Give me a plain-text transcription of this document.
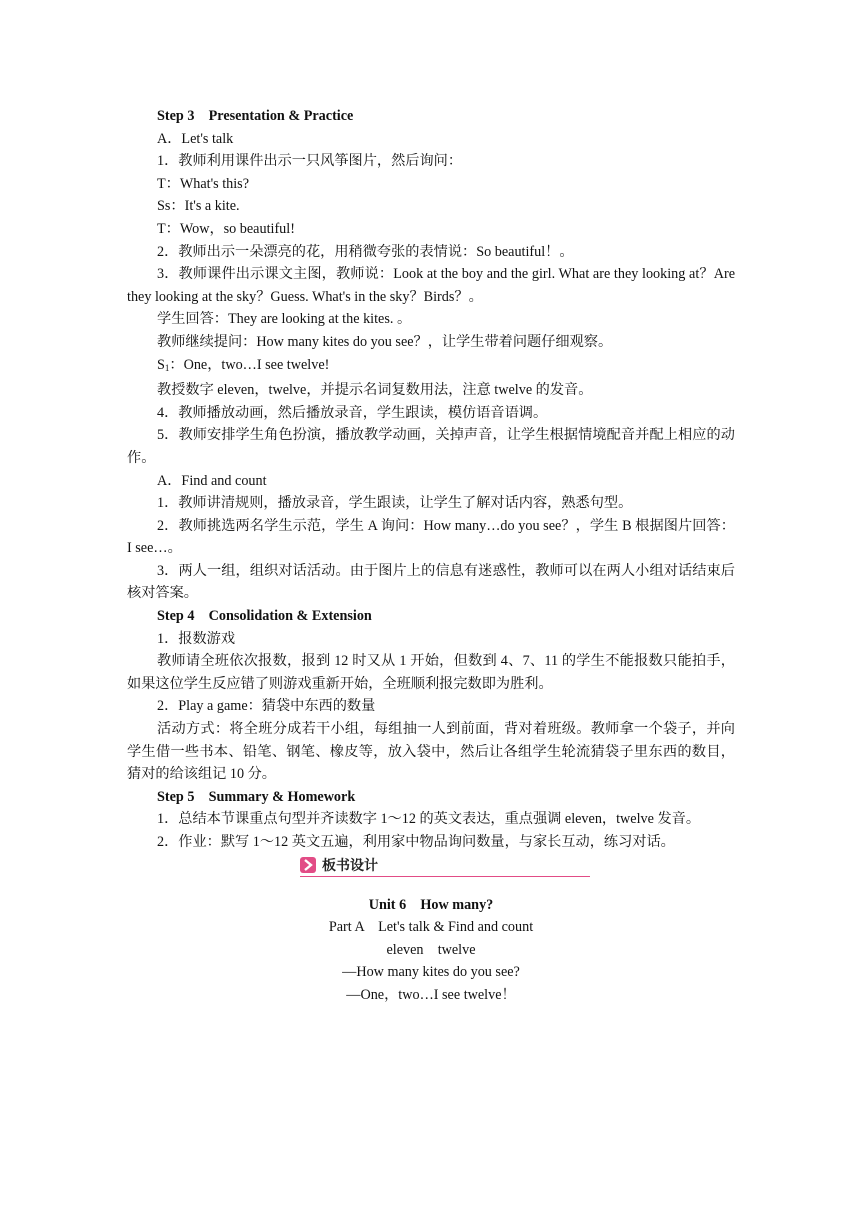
Step 3　Presentation & Practice
A．Let's talk
1．教师利用课件出示一只风筝图片，然后询问：
T：What's this?
Ss：It's a kite.
T：Wow，so beautiful!
2．教师出示一朵漂亮的花，用稍微夸张的表情说：So beautiful！。
3．教师课件出示课文主图，教师说：Look at the boy and the girl. What are they looking at？Are they looking at the sky？Guess. What's in the sky？Birds？。
学生回答：They are looking at the kites. 。
教师继续提问：How many kites do you see？，让学生带着问题仔细观察。
$S_1$：One，two…I see twelve!
教授数字 eleven，twelve，并提示名词复数用法，注意 twelve 的发音。
4．教师播放动画，然后播放录音，学生跟读，模仿语音语调。
5．教师安排学生角色扮演，播放教学动画，关掉声音，让学生根据情境配音并配上相应的动作。
A．Find and count
1．教师讲清规则，播放录音，学生跟读，让学生了解对话内容，熟悉句型。
2．教师挑选两名学生示范，学生 A 询问：How many…do you see？，学生 B 根据图片回答：I see…。
3．两人一组，组织对话活动。由于图片上的信息有迷惑性，教师可以在两人小组对话结束后核对答案。
Step 4　Consolidation & Extension
1．报数游戏
教师请全班依次报数，报到 12 时又从 1 开始，但数到 4、7、11 的学生不能报数只能拍手，如果这位学生反应错了则游戏重新开始，全班顺利报完数即为胜利。
2．Play a game：猜袋中东西的数量
活动方式：将全班分成若干小组，每组抽一人到前面，背对着班级。教师拿一个袋子，并向学生借一些书本、铅笔、钢笔、橡皮等，放入袋中，然后让各组学生轮流猜袋子里东西的数目，猜对的给该组记 10 分。
Step 5　Summary & Homework
1．总结本节课重点句型并齐读数字 1～12 的英文表达，重点强调 eleven，twelve 发音。
2．作业：默写 1～12 英文五遍，利用家中物品询问数量，与家长互动，练习对话。
板书设计
Unit 6　How many?
Part A　Let's talk & Find and count
eleven　twelve
—How many kites do you see?
—One，two…I see twelve！
